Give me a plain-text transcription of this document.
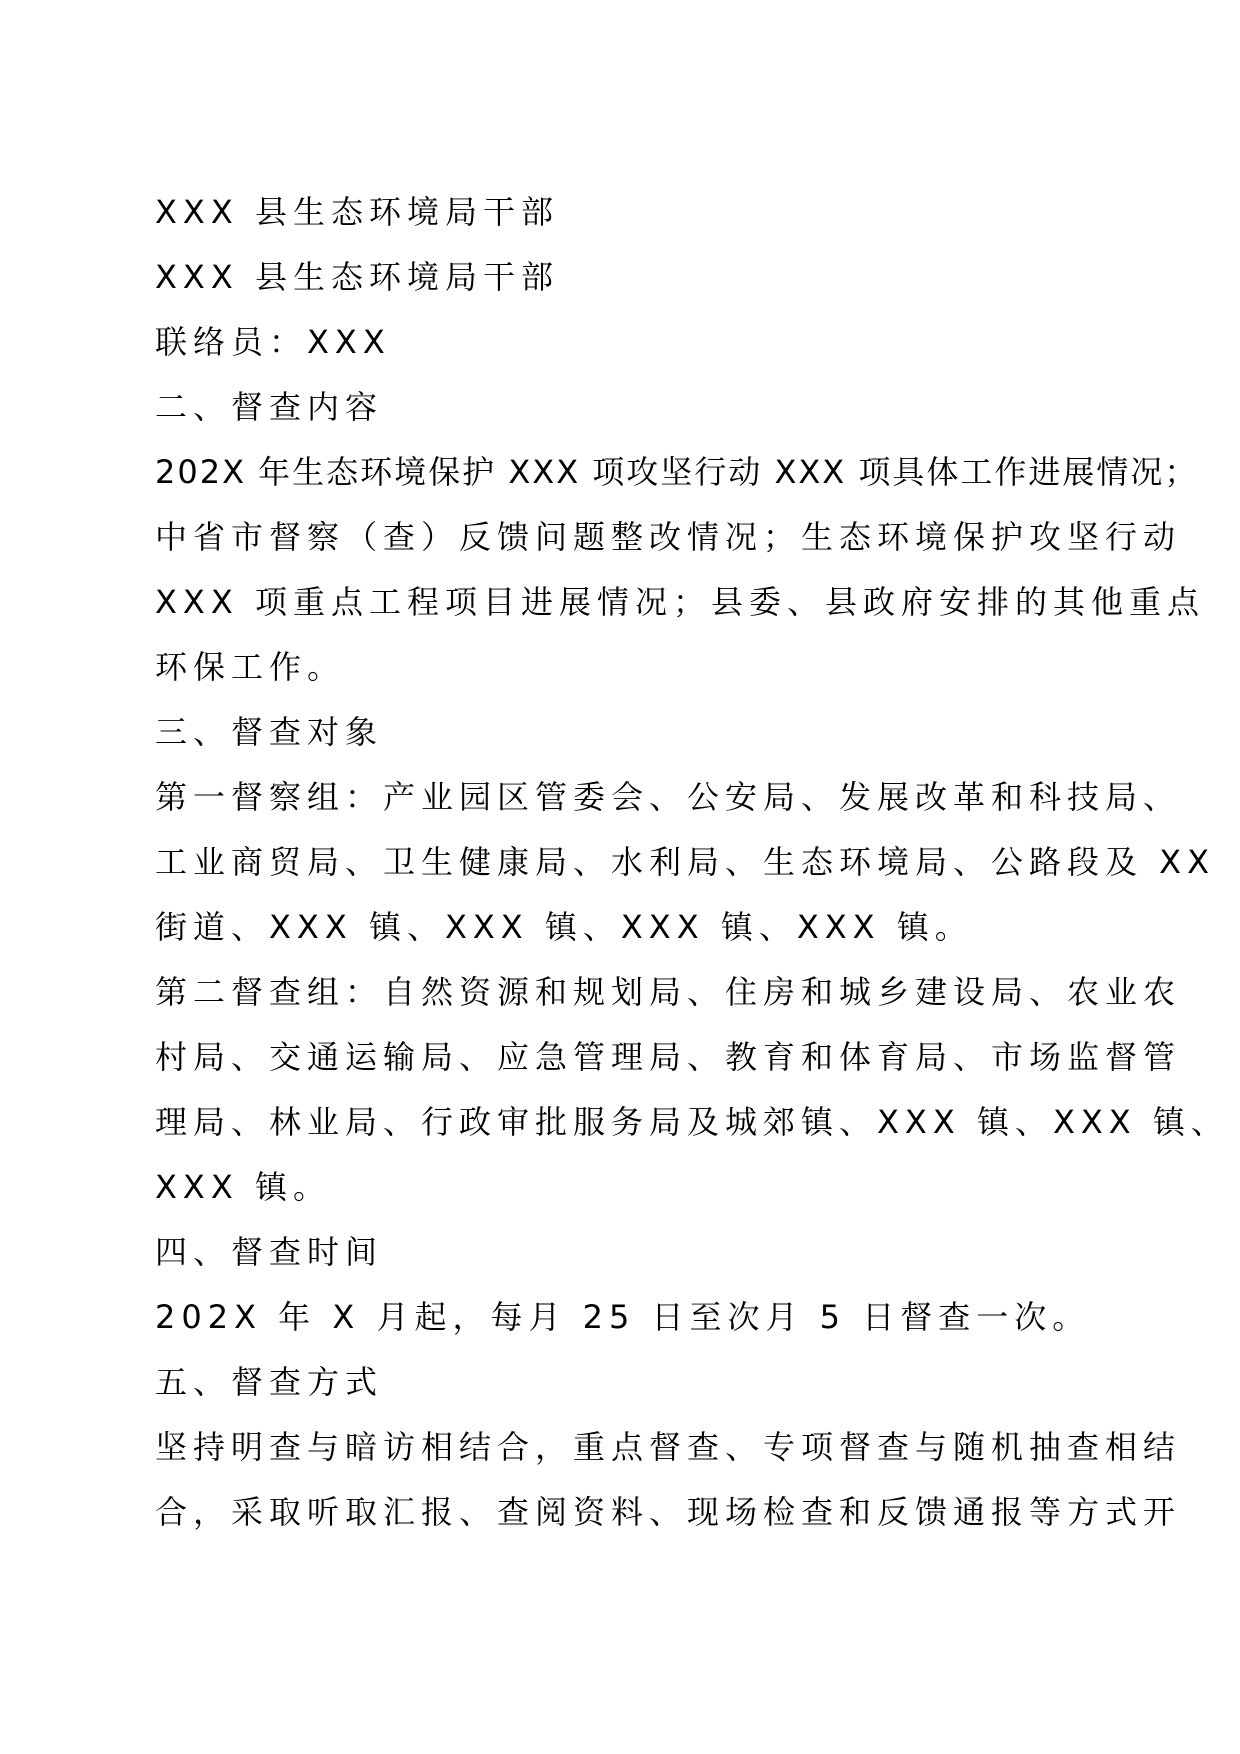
XXX 县生态环境局干部
XXX 县生态环境局干部
联络员：XXX
二、督查内容
202X 年生态环境保护 XXX 项攻坚行动 XXX 项具体工作进展情况；
中省市督察（查）反馈问题整改情况；生态环境保护攻坚行动
XXX 项重点工程项目进展情况；县委、县政府安排的其他重点
环保工作。
三、督查对象
第一督察组：产业园区管委会、公安局、发展改革和科技局、
工业商贸局、卫生健康局、水利局、生态环境局、公路段及 XX
街道、XXX 镇、XXX 镇、XXX 镇、XXX 镇。
第二督查组：自然资源和规划局、住房和城乡建设局、农业农
村局、交通运输局、应急管理局、教育和体育局、市场监督管
理局、林业局、行政审批服务局及城郊镇、XXX 镇、XXX 镇、
XXX 镇。
四、督查时间
202X 年 X 月起，每月 25 日至次月 5 日督查一次。
五、督查方式
坚持明查与暗访相结合，重点督查、专项督查与随机抽查相结
合，采取听取汇报、查阅资料、现场检查和反馈通报等方式开
